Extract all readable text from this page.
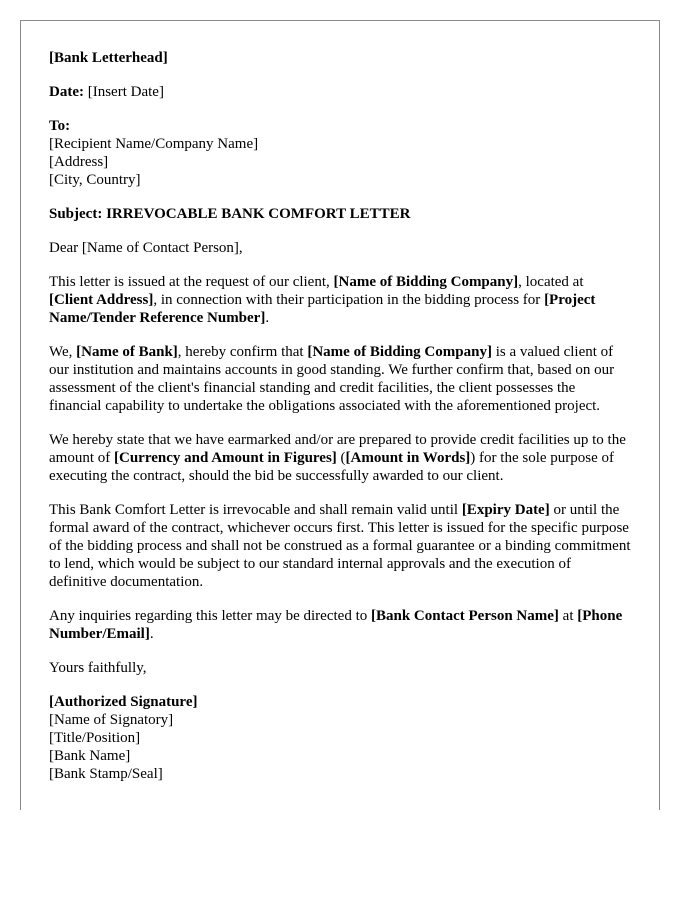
[Bank Letterhead]

Date: [Insert Date]

To:
[Recipient Name/Company Name]
[Address]
[City, Country]

Subject: IRREVOCABLE BANK COMFORT LETTER

Dear [Name of Contact Person],

This letter is issued at the request of our client, [Name of Bidding Company], located at [Client Address], in connection with their participation in the bidding process for [Project Name/Tender Reference Number].

We, [Name of Bank], hereby confirm that [Name of Bidding Company] is a valued client of our institution and maintains accounts in good standing. We further confirm that, based on our assessment of the client's financial standing and credit facilities, the client possesses the financial capability to undertake the obligations associated with the aforementioned project.

We hereby state that we have earmarked and/or are prepared to provide credit facilities up to the amount of [Currency and Amount in Figures] ([Amount in Words]) for the sole purpose of executing the contract, should the bid be successfully awarded to our client.

This Bank Comfort Letter is irrevocable and shall remain valid until [Expiry Date] or until the formal award of the contract, whichever occurs first. This letter is issued for the specific purpose of the bidding process and shall not be construed as a formal guarantee or a binding commitment to lend, which would be subject to our standard internal approvals and the execution of definitive documentation.

Any inquiries regarding this letter may be directed to [Bank Contact Person Name] at [Phone Number/Email].

Yours faithfully,

[Authorized Signature]
[Name of Signatory]
[Title/Position]
[Bank Name]
[Bank Stamp/Seal]
